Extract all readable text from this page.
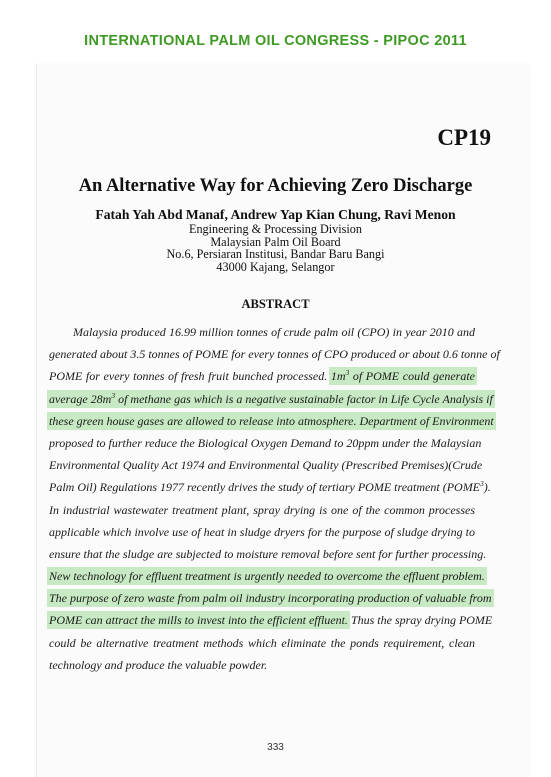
INTERNATIONAL PALM OIL CONGRESS - PIPOC 2011
CP19
An Alternative Way for Achieving Zero Discharge
Fatah Yah Abd Manaf, Andrew Yap Kian Chung, Ravi Menon
Engineering & Processing Division
Malaysian Palm Oil Board
No.6, Persiaran Institusi, Bandar Baru Bangi
43000 Kajang, Selangor
ABSTRACT
Malaysia produced 16.99 million tonnes of crude palm oil (CPO) in year 2010 and
generated about 3.5 tonnes of POME for every tonnes of CPO produced or about 0.6 tonne of
POME for every tonnes of fresh fruit bunched processed. $1m^3$ of POME could generate
average $28m^3$ of methane gas which is a negative sustainable factor in Life Cycle Analysis if
these green house gases are allowed to release into atmosphere. Department of Environment
proposed to further reduce the Biological Oxygen Demand to 20ppm under the Malaysian
Environmental Quality Act 1974 and Environmental Quality (Prescribed Premises)(Crude
Palm Oil) Regulations 1977 recently drives the study of tertiary POME treatment (POME$^3$).
In industrial wastewater treatment plant, spray drying is one of the common processes
applicable which involve use of heat in sludge dryers for the purpose of sludge drying to
ensure that the sludge are subjected to moisture removal before sent for further processing.
New technology for effluent treatment is urgently needed to overcome the effluent problem.
The purpose of zero waste from palm oil industry incorporating production of valuable from
POME can attract the mills to invest into the efficient effluent. Thus the spray drying POME
could be alternative treatment methods which eliminate the ponds requirement, clean
technology and produce the valuable powder.
333
